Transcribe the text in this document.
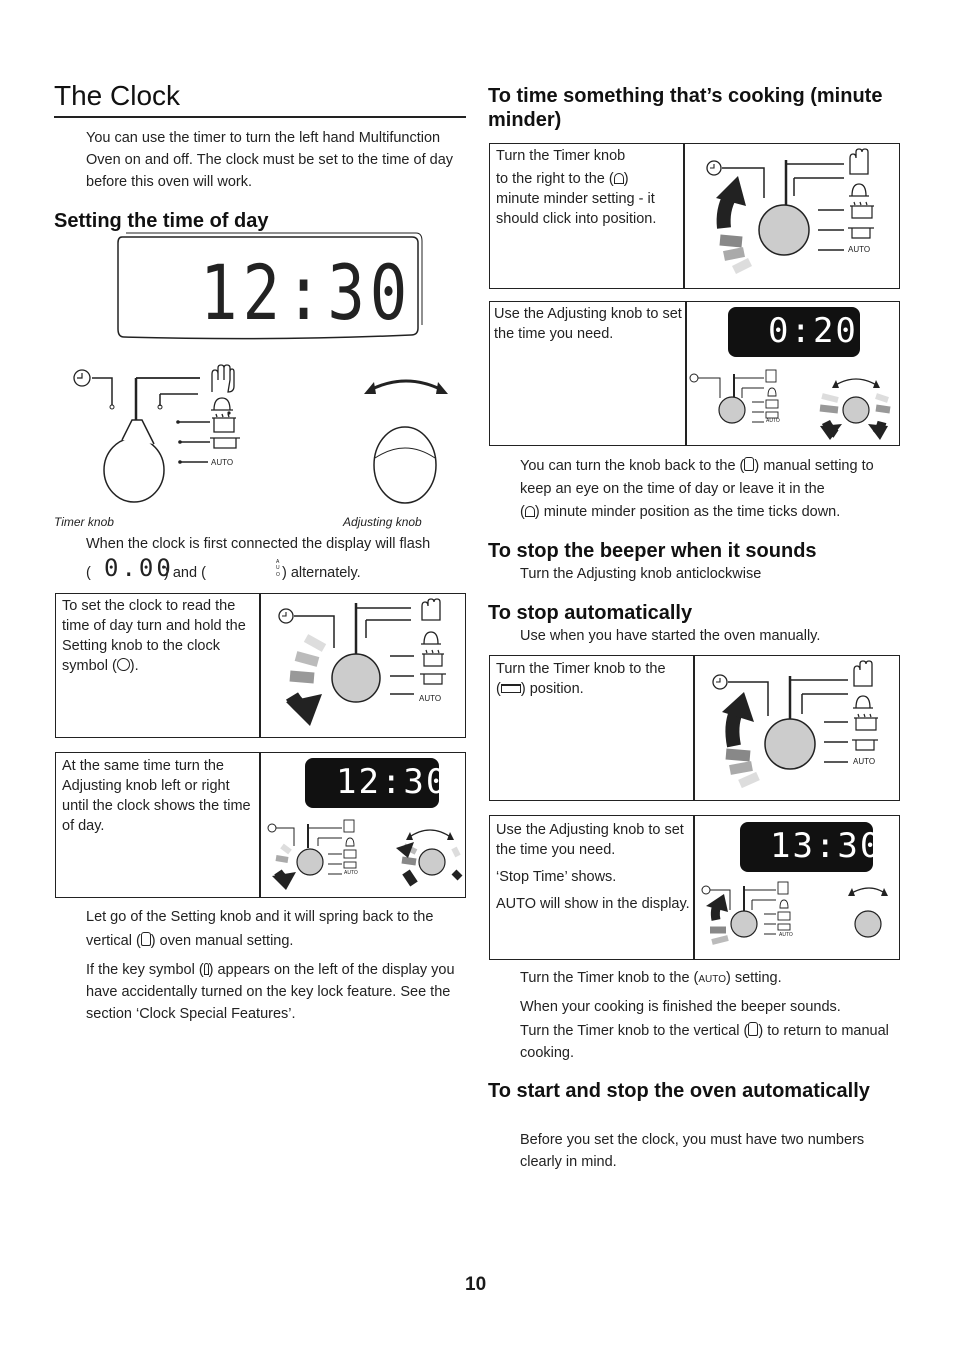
The Clock
You can use the timer to turn the left hand Multifunction Oven on and off. The clock must be set to the time of day before this oven will work.
Setting the time of day
12:30
AUTO
Timer knob	Adjusting knob
When the clock is first connected the display will flash
( 0.00
) and (
A
U
O ) alternately.
To set the clock to read the time of day turn and hold the Setting knob to the clock symbol ( ).
AUTO
At the same time turn the Adjusting knob left or right until the clock shows the time of day.
12:30
AUTO
Let go of the Setting knob and it will spring back to the vertical ( ) oven manual setting.
If the key symbol ( ) appears on the left of the display you have accidentally turned on the key lock feature. See the section ‘Clock Special Features’.
To time something that’s cooking (minute minder)
Turn the Timer knob
to the right to the ( )
minute minder setting - it should click into position.
AUTO
Use the Adjusting knob to set the time you need.	0:20
AUTO
You can turn the knob back to the ( ) manual setting to keep an eye on the time of day or leave it in the
( ) minute minder position as the time ticks down.
To stop the beeper when it sounds
Turn the Adjusting knob anticlockwise
To stop automatically
Use when you have started the oven manually.
Turn the Timer knob to the
( ) position.
AUTO
Use the Adjusting knob to set the time you need.
‘Stop Time’ shows.
AUTO will show in the display.
13:30
AUTO
Turn the Timer knob to the (AUTO) setting.
When your cooking is finished the beeper sounds.
Turn the Timer knob to the vertical ( ) to return to manual cooking.
To start and stop the oven automatically
Before you set the clock, you must have two numbers clearly in mind.
10
